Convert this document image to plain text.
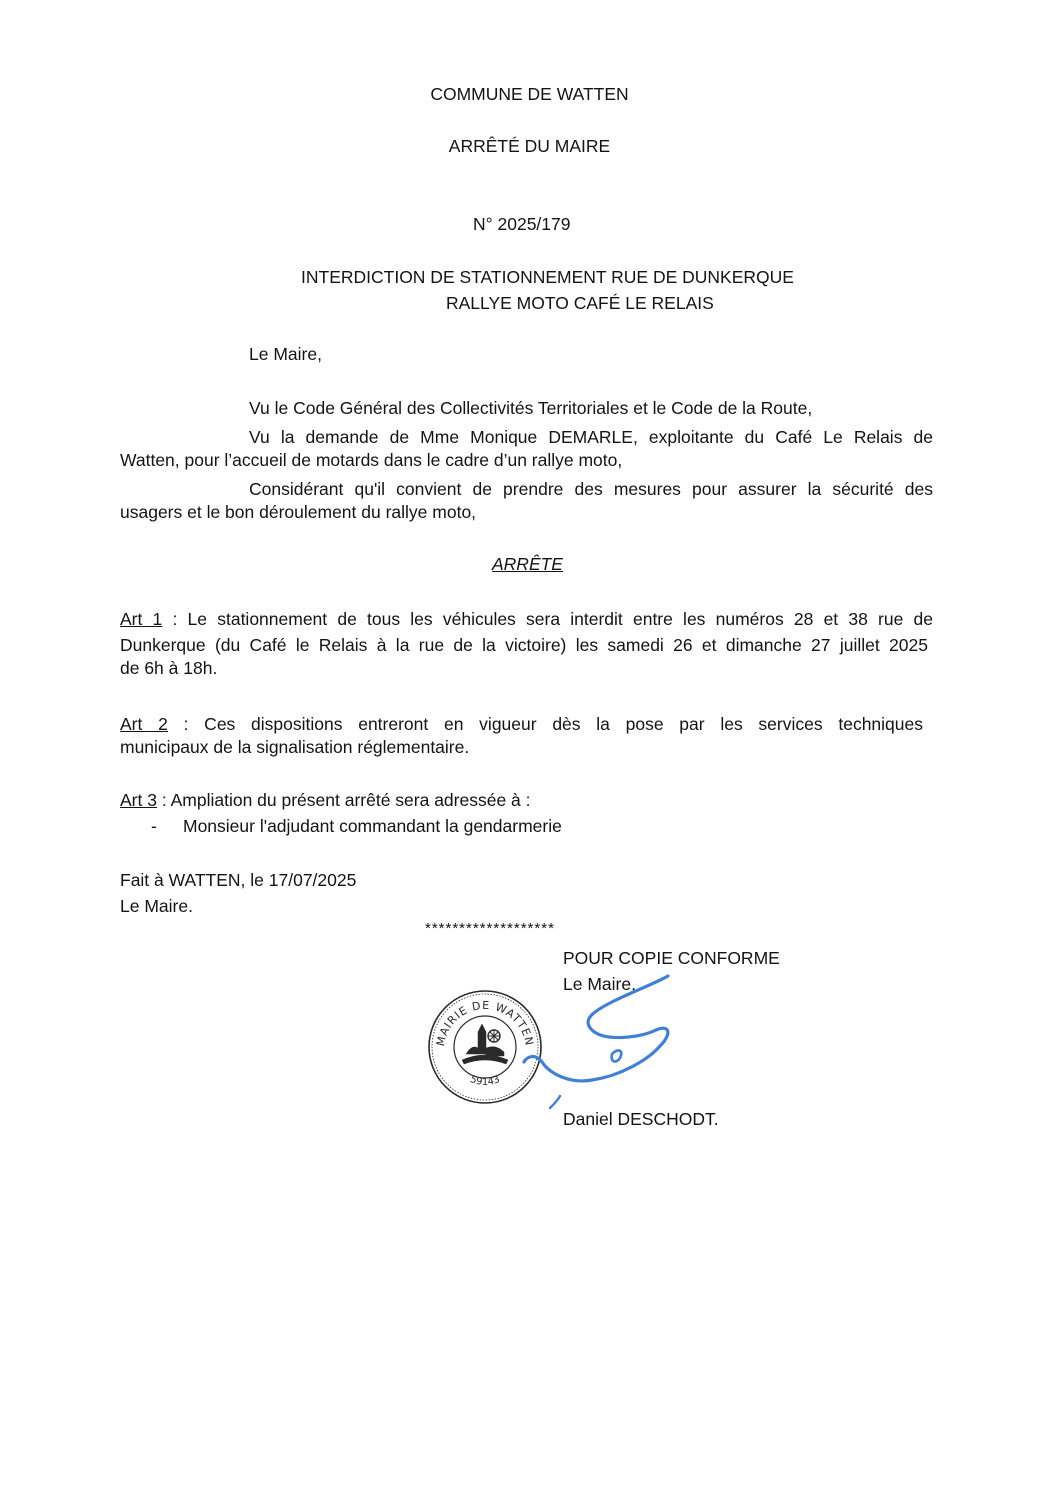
COMMUNE DE WATTEN
ARRÊTÉ DU MAIRE
N° 2025/179
INTERDICTION DE STATIONNEMENT RUE DE DUNKERQUE
RALLYE MOTO CAFÉ LE RELAIS
Le Maire,
Vu le Code Général des Collectivités Territoriales et le Code de la Route,
Vu la demande de Mme Monique DEMARLE, exploitante du Café Le Relais de
Watten, pour l’accueil de motards dans le cadre d’un rallye moto,
Considérant qu'il convient de prendre des mesures pour assurer la sécurité des
usagers et le bon déroulement du rallye moto,
ARRÊTE
Art 1 : Le stationnement de tous les véhicules sera interdit entre les numéros 28 et 38 rue de
Dunkerque (du Café le Relais à la rue de la victoire) les samedi 26 et dimanche 27 juillet 2025
de 6h à 18h.
Art 2 : Ces dispositions entreront en vigueur dès la pose par les services techniques
municipaux de la signalisation réglementaire.
Art 3 : Ampliation du présent arrêté sera adressée à :
- Monsieur l'adjudant commandant la gendarmerie
Fait à WATTEN, le 17/07/2025
Le Maire.
*******************
POUR COPIE CONFORME
Le Maire,
Daniel DESCHODT.
MAIRIE DE WATTEN
59143
